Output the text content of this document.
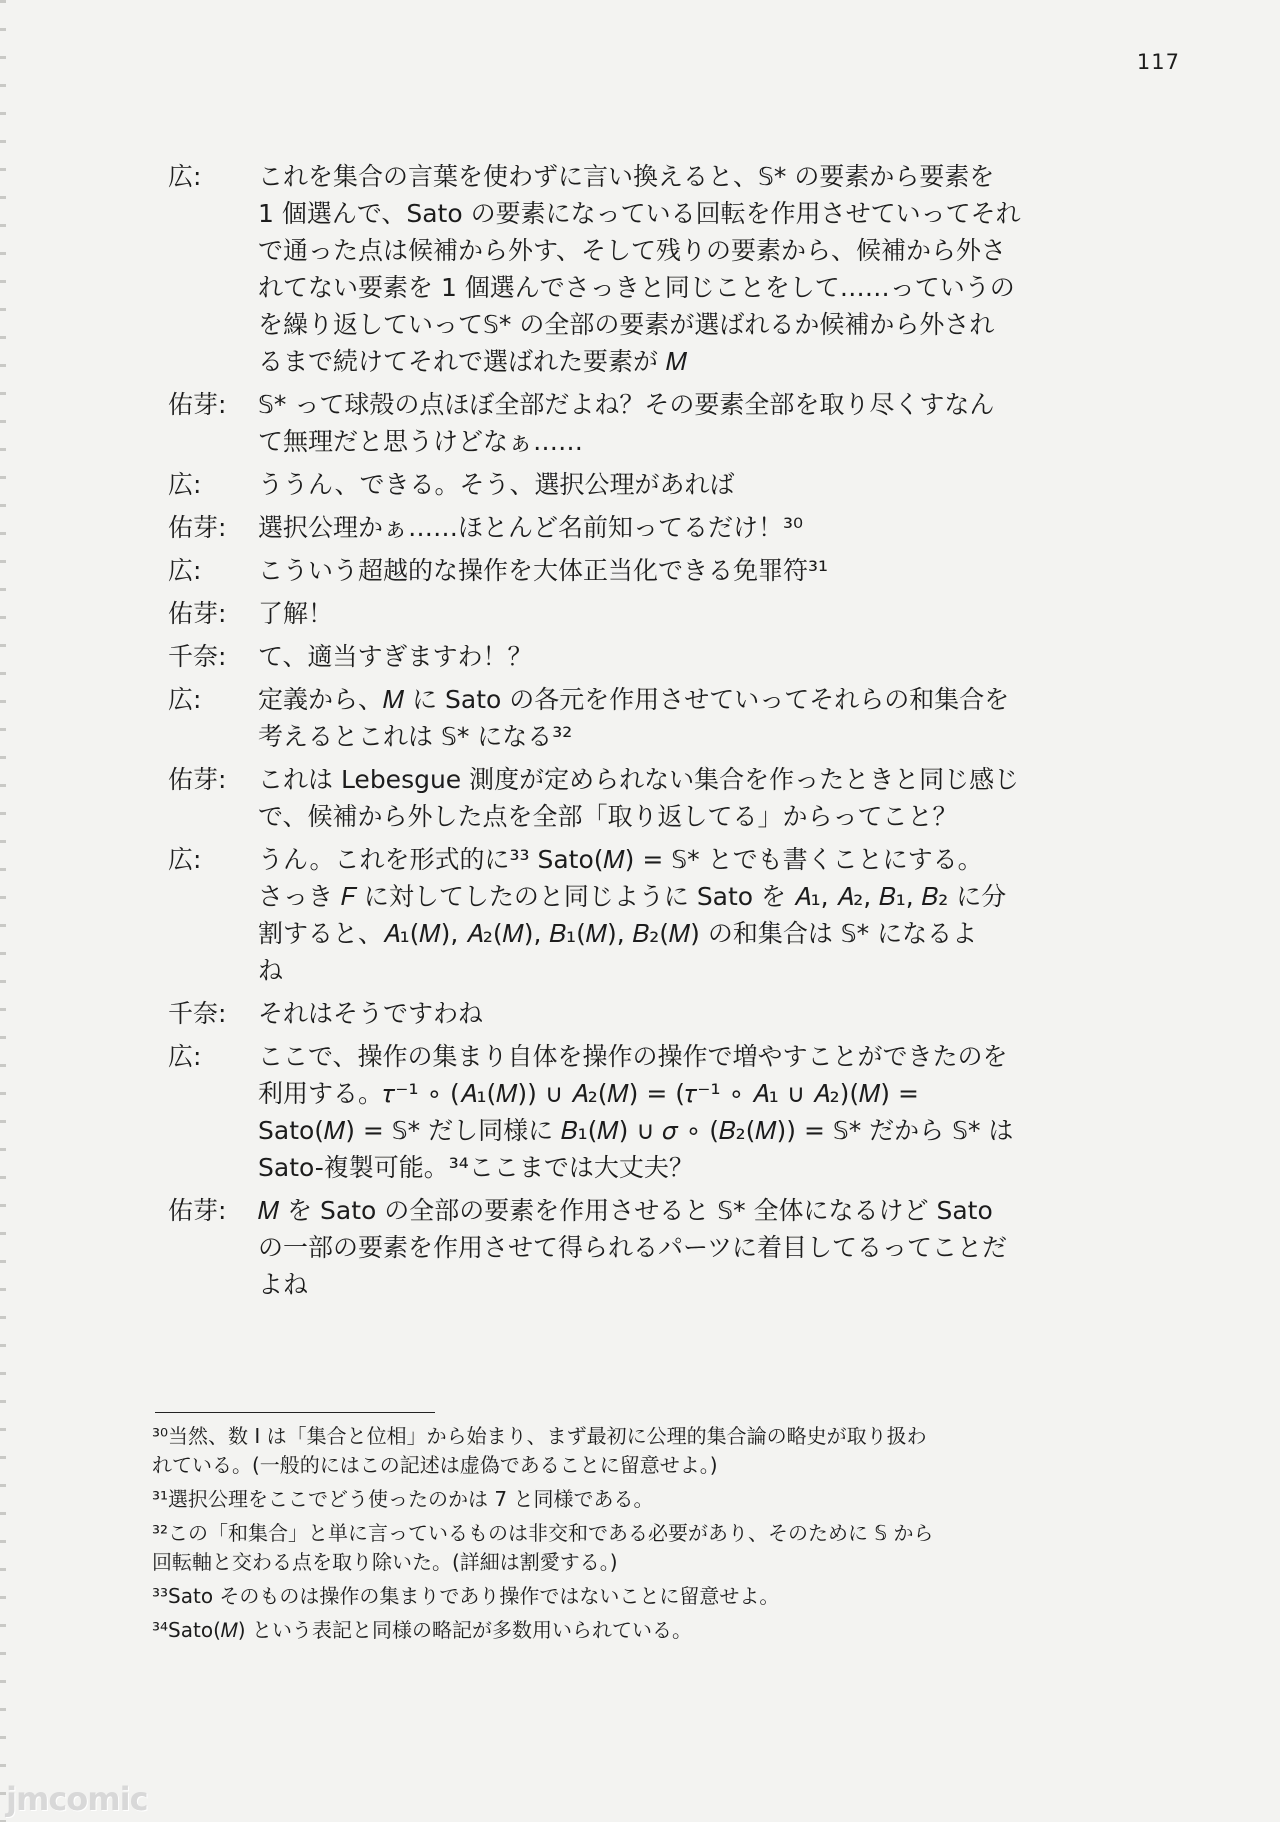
117
広:	これを集合の言葉を使わずに言い換えると、𝕊* の要素から要素を
1 個選んで、Sato の要素になっている回転を作用させていってそれ
で通った点は候補から外す、そして残りの要素から、候補から外さ
れてない要素を 1 個選んでさっきと同じことをして……っていうの
を繰り返していって𝕊* の全部の要素が選ばれるか候補から外され
るまで続けてそれで選ばれた要素が 𝑀
佑芽:	𝕊* って球殻の点ほぼ全部だよね？その要素全部を取り尽くすなん
て無理だと思うけどなぁ……
広:	ううん、できる。そう、選択公理があれば
佑芽:	選択公理かぁ……ほとんど名前知ってるだけ！³⁰
広:	こういう超越的な操作を大体正当化できる免罪符³¹
佑芽:	了解！
千奈:	て、適当すぎますわ！？
広:	定義から、𝑀 に Sato の各元を作用させていってそれらの和集合を
考えるとこれは 𝕊* になる³²
佑芽:	これは Lebesgue 測度が定められない集合を作ったときと同じ感じ
で、候補から外した点を全部「取り返してる」からってこと？
広:	うん。これを形式的に³³ Sato(𝑀) = 𝕊* とでも書くことにする。
さっき 𝐹 に対してしたのと同じように Sato を 𝐴₁, 𝐴₂, 𝐵₁, 𝐵₂ に分
割すると、𝐴₁(𝑀), 𝐴₂(𝑀), 𝐵₁(𝑀), 𝐵₂(𝑀) の和集合は 𝕊* になるよ
ね
千奈:	それはそうですわね
広:	ここで、操作の集まり自体を操作の操作で増やすことができたのを
利用する。𝜏⁻¹ ∘ (𝐴₁(𝑀)) ∪ 𝐴₂(𝑀) = (𝜏⁻¹ ∘ 𝐴₁ ∪ 𝐴₂)(𝑀) =
Sato(𝑀) = 𝕊* だし同様に 𝐵₁(𝑀) ∪ 𝜎 ∘ (𝐵₂(𝑀)) = 𝕊* だから 𝕊* は
Sato-複製可能。³⁴ここまでは大丈夫？
佑芽:	𝑀 を Sato の全部の要素を作用させると 𝕊* 全体になるけど Sato
の一部の要素を作用させて得られるパーツに着目してるってことだ
よね
³⁰当然、数 I は「集合と位相」から始まり、まず最初に公理的集合論の略史が取り扱わ
れている。(一般的にはこの記述は虚偽であることに留意せよ。)
³¹選択公理をここでどう使ったのかは 7 と同様である。
³²この「和集合」と単に言っているものは非交和である必要があり、そのために 𝕊 から
回転軸と交わる点を取り除いた。(詳細は割愛する。)
³³Sato そのものは操作の集まりであり操作ではないことに留意せよ。
³⁴Sato(𝑀) という表記と同様の略記が多数用いられている。
jmcomic
